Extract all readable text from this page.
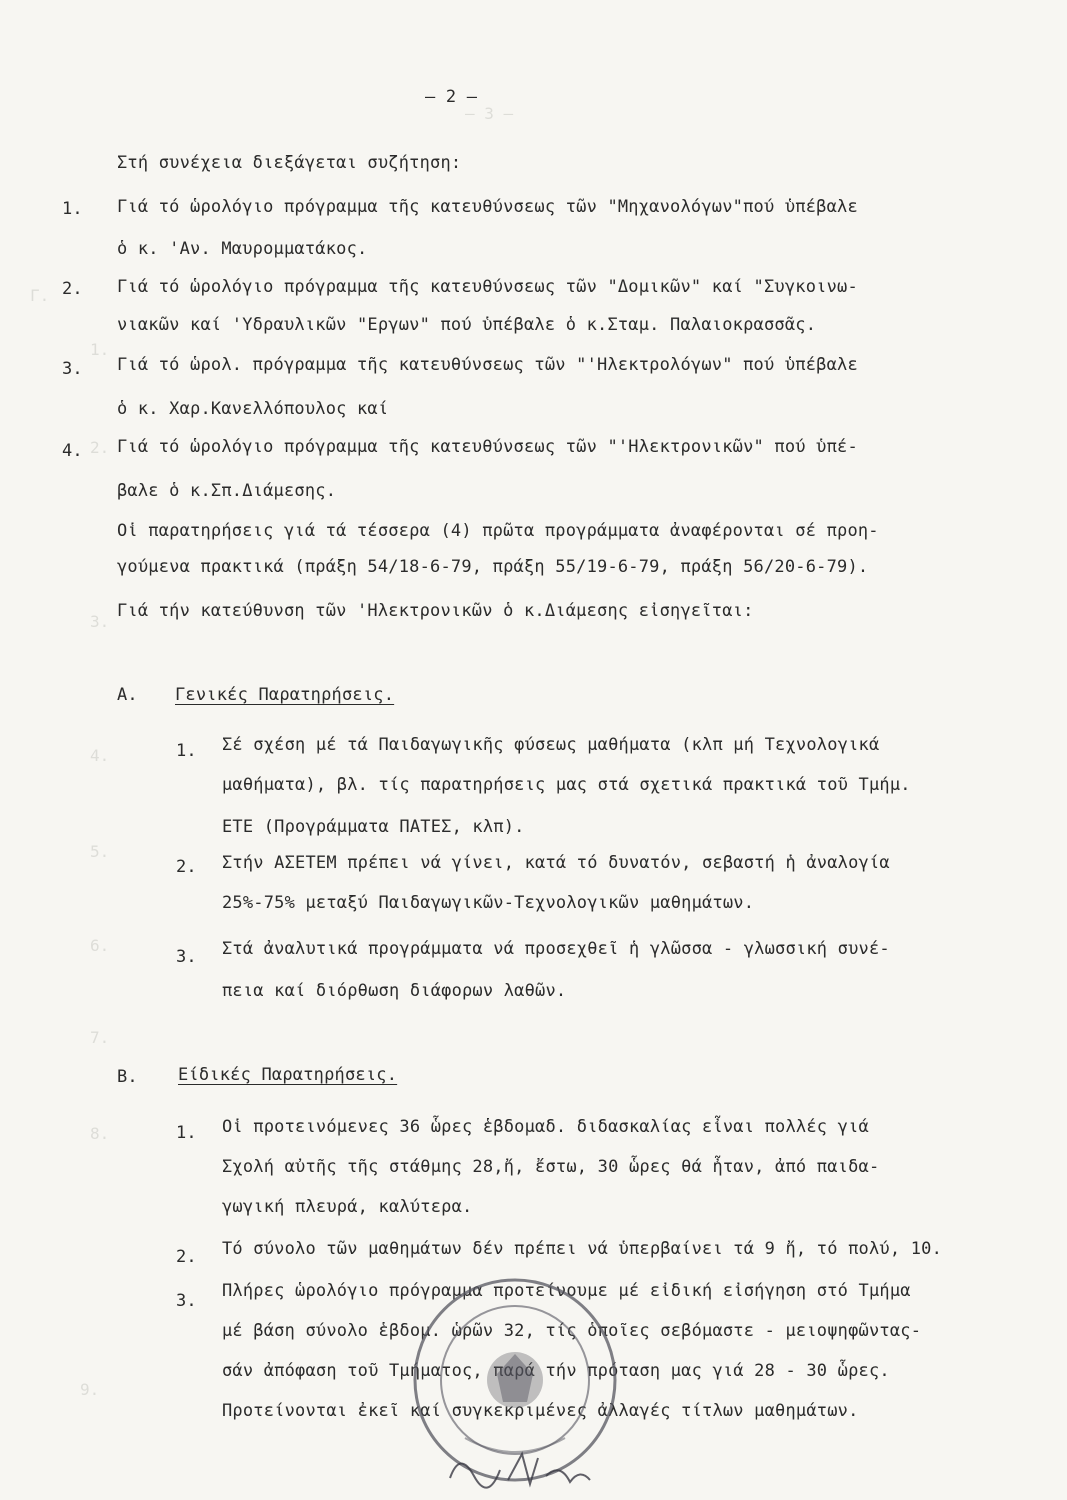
– 3 –
Γ.
1.
2.
3.
4.
5.
6.
7.
8.
9.
– 2 –
Στή συνέχεια διεξάγεται συζήτηση:
1. Γιά τό ὡρολόγιο πρόγραμμα τῆς κατευθύνσεως τῶν "Μηχανολόγων"πού ὑπέβαλε
ὁ κ. 'Αν. Μαυρομματάκος.
2. Γιά τό ὡρολόγιο πρόγραμμα τῆς κατευθύνσεως τῶν "Δομικῶν" καί "Συγκοινω-
νιακῶν καί 'Υδραυλικῶν "Εργων" πού ὑπέβαλε ὁ κ.Σταμ. Παλαιοκρασσᾶς.
3. Γιά τό ὡρολ. πρόγραμμα τῆς κατευθύνσεως τῶν "'Ηλεκτρολόγων" πού ὑπέβαλε
ὁ κ. Χαρ.Κανελλόπουλος καί
4. Γιά τό ὡρολόγιο πρόγραμμα τῆς κατευθύνσεως τῶν "'Ηλεκτρονικῶν" πού ὑπέ-
βαλε ὁ κ.Σπ.Διάμεσης.
Οἱ παρατηρήσεις γιά τά τέσσερα (4) πρῶτα προγράμματα ἀναφέρονται σέ προη-
γούμενα πρακτικά (πράξη 54/18-6-79, πράξη 55/19-6-79, πράξη 56/20-6-79).
Γιά τήν κατεύθυνση τῶν 'Ηλεκτρονικῶν ὁ κ.Διάμεσης εἰσηγεῖται:
Α. Γενικές Παρατηρήσεις.
1. Σέ σχέση μέ τά Παιδαγωγικῆς φύσεως μαθήματα (κλπ μή Τεχνολογικά
μαθήματα), βλ. τίς παρατηρήσεις μας στά σχετικά πρακτικά τοῦ Τμήμ.
ΕΤΕ (Προγράμματα ΠΑΤΕΣ, κλπ).
2. Στήν ΑΣΕΤΕΜ πρέπει νά γίνει, κατά τό δυνατόν, σεβαστή ἡ ἀναλογία
25%-75% μεταξύ Παιδαγωγικῶν-Τεχνολογικῶν μαθημάτων.
3. Στά ἀναλυτικά προγράμματα νά προσεχθεῖ ἡ γλῶσσα - γλωσσική συνέ-
πεια καί διόρθωση διάφορων λαθῶν.
Β. Είδικές Παρατηρήσεις.
1. Οἱ προτεινόμενες 36 ὧρες ἑβδομαδ. διδασκαλίας εἶναι πολλές γιά
Σχολή αὐτῆς τῆς στάθμης 28,ἤ, ἔστω, 30 ὧρες θά ἦταν, ἀπό παιδα-
γωγική πλευρά, καλύτερα.
2. Τό σύνολο τῶν μαθημάτων δέν πρέπει νά ὑπερβαίνει τά 9 ἤ, τό πολύ, 10.
3. Πλήρες ὡρολόγιο πρόγραμμα προτείνουμε μέ εἰδική εἰσήγηση στό Τμήμα
μέ βάση σύνολο ἑβδομ. ὡρῶν 32, τίς ὁποῖες σεβόμαστε - μειοψηφῶντας-
σάν ἀπόφαση τοῦ Τμήματος, παρά τήν πρόταση μας γιά 28 - 30 ὧρες.
Προτείνονται ἐκεῖ καί συγκεκριμένες ἀλλαγές τίτλων μαθημάτων.
